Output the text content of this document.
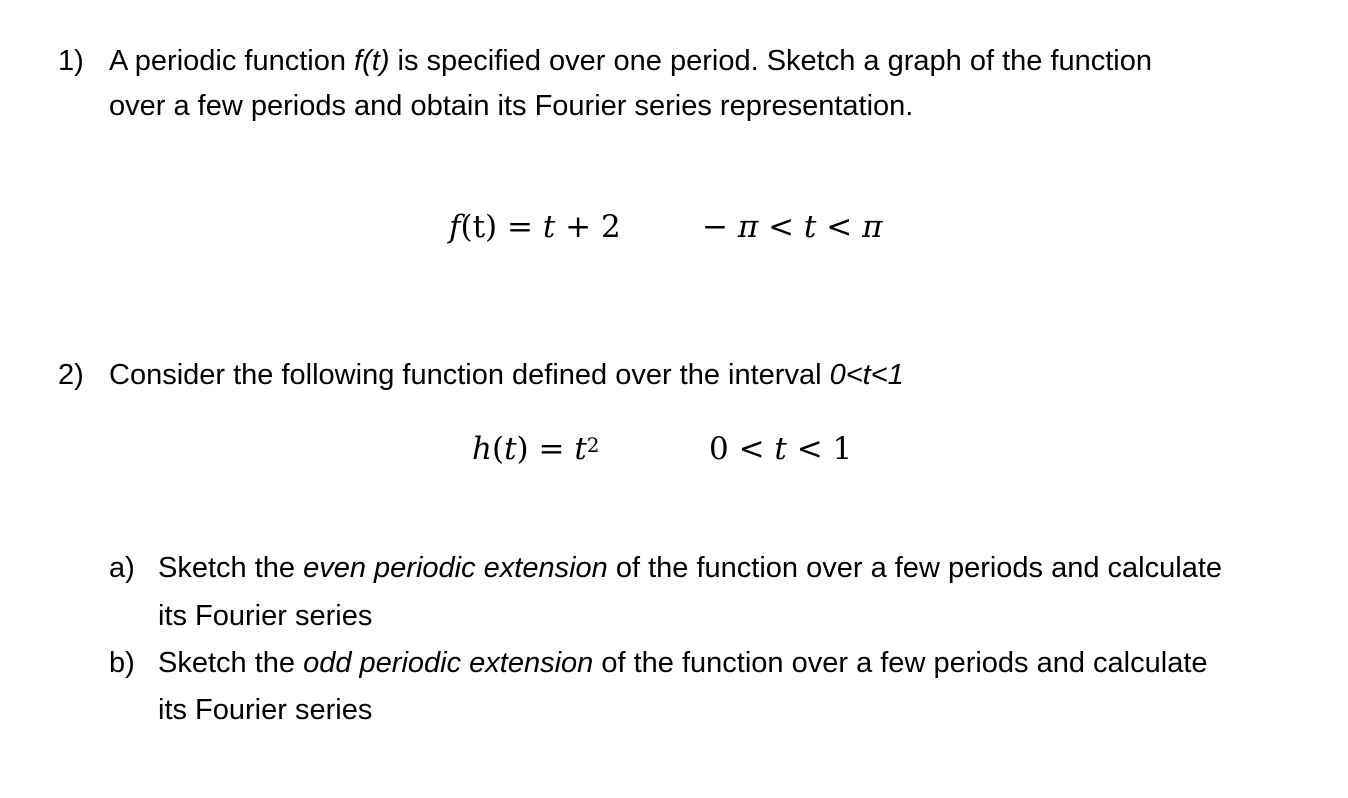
1) A periodic function f(t) is specified over one period. Sketch a graph of the function
over a few periods and obtain its Fourier series representation.
f(t) = t + 2	− π < t < π
2) Consider the following function defined over the interval 0<t<1
$h(t) = t^2$	0 < t < 1
a) Sketch the even periodic extension of the function over a few periods and calculate
its Fourier series
b) Sketch the odd periodic extension of the function over a few periods and calculate
its Fourier series
